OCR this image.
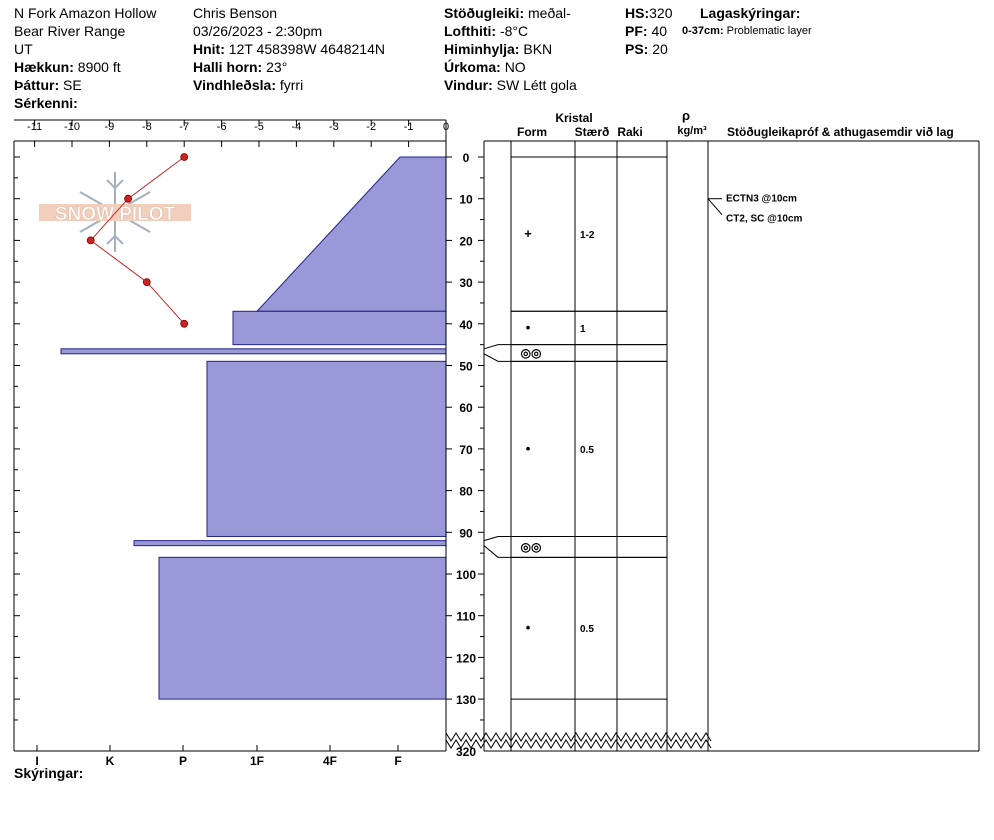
N Fork Amazon Hollow
Bear River Range
UT
Hækkun: 8900 ft
Þáttur: SE
Sérkenni:
Chris Benson
03/26/2023 - 2:30pm
Hnit: 12T 458398W 4648214N
Halli horn: 23°
Vindhleðsla: fyrri
Stöðugleiki: meðal-
Lofthiti: -8°C
Himinhylja: BKN
Úrkoma: NO
Vindur: SW Létt gola
HS:320
PF: 40
PS: 20
Lagaskýringar:
0-37cm: Problematic layer
SNOW PILOT
-11 -10 -9	-8	-7	-6	-5	-4	-3	-2	-1	0
0
10
20
30
40
50
60
70
80
90
100
110
120
130
320
I	K	P	1F	4F	F
+	1-2
•	1
◎◎
•	0.5
◎◎
•	0.5
ECTN3 @10cm
CT2, SC @10cm
Kristal
Form Stærð Raki
ρ
kg/m³ Stöðugleikapróf & athugasemdir við lag
Skýringar:
